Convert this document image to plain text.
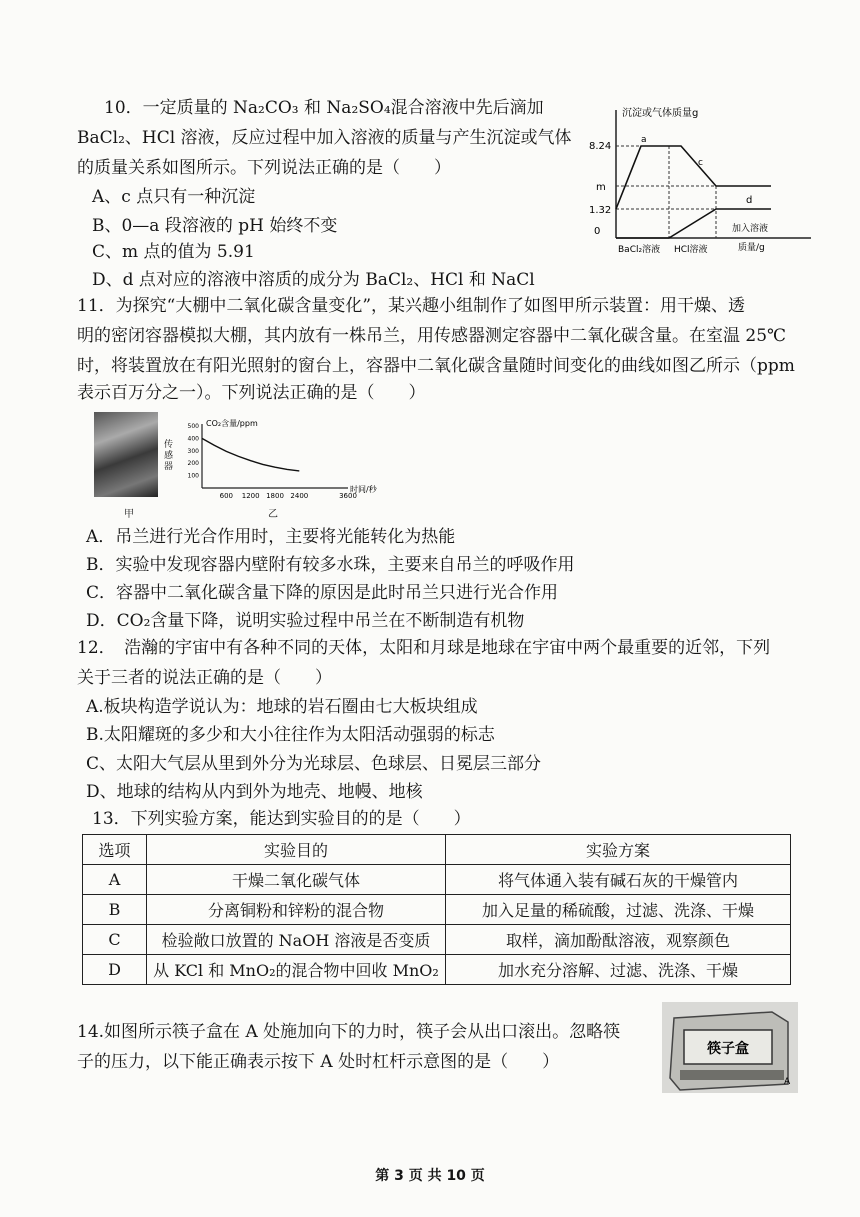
10．一定质量的 Na₂CO₃ 和 Na₂SO₄混合溶液中先后滴加
BaCl₂、HCl 溶液，反应过程中加入溶液的质量与产生沉淀或气体
的质量关系如图所示。下列说法正确的是（　　）
A、c 点只有一种沉淀
B、0—a 段溶液的 pH 始终不变
C、m 点的值为 5.91
D、d 点对应的溶液中溶质的成分为 BaCl₂、HCl 和 NaCl
沉淀或气体质量g
8.24
m
1.32
0
a
c
d
BaCl₂溶液 HCl溶液
加入溶液
质量/g
11．为探究“大棚中二氧化碳含量变化”，某兴趣小组制作了如图甲所示装置：用干燥、透
明的密闭容器模拟大棚，其内放有一株吊兰，用传感器测定容器中二氧化碳含量。在室温 25℃
时，将装置放在有阳光照射的窗台上，容器中二氧化碳含量随时间变化的曲线如图乙所示（ppm
表示百万分之一）。下列说法正确的是（　　）
传感器
甲
CO₂含量/ppm
时间/秒
600 1200 1800 2400	3600
100
200
300
400
500
乙
A．吊兰进行光合作用时，主要将光能转化为热能
B．实验中发现容器内壁附有较多水珠，主要来自吊兰的呼吸作用
C．容器中二氧化碳含量下降的原因是此时吊兰只进行光合作用
D．CO₂含量下降，说明实验过程中吊兰在不断制造有机物
12．　浩瀚的宇宙中有各种不同的天体，太阳和月球是地球在宇宙中两个最重要的近邻，下列
关于三者的说法正确的是（　　）
A.板块构造学说认为：地球的岩石圈由七大板块组成
B.太阳耀斑的多少和大小往往作为太阳活动强弱的标志
C、太阳大气层从里到外分为光球层、色球层、日冕层三部分
D、地球的结构从内到外为地壳、地幔、地核
13．下列实验方案，能达到实验目的的是（　　）
选项	实验目的	实验方案
A	干燥二氧化碳气体	将气体通入装有碱石灰的干燥管内
B	分离铜粉和锌粉的混合物	加入足量的稀硫酸，过滤、洗涤、干燥
C	检验敞口放置的 NaOH 溶液是否变质	取样，滴加酚酞溶液，观察颜色
D	从 KCl 和 MnO₂的混合物中回收 MnO₂	加水充分溶解、过滤、洗涤、干燥
14.如图所示筷子盒在 A 处施加向下的力时，筷子会从出口滚出。忽略筷
子的压力，以下能正确表示按下 A 处时杠杆示意图的是（　　）
筷子盒
A
第 3 页 共 10 页
